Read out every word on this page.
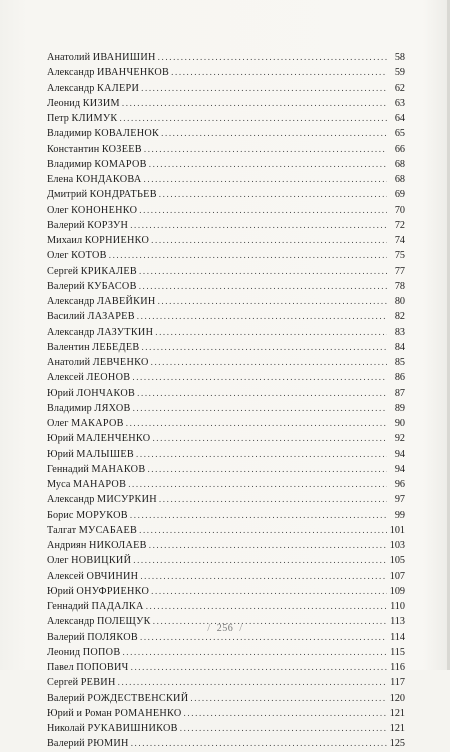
Анатолий ИВАНИШИН .....	58
Александр ИВАНЧЕНКОВ .....	59
Александр КАЛЕРИ .....	62
Леонид КИЗИМ .....	63
Петр КЛИМУК .....	64
Владимир КОВАЛЕНОК .....	65
Константин КОЗЕЕВ .....	66
Владимир КОМАРОВ .....	68
Елена КОНДАКОВА .....	68
Дмитрий КОНДРАТЬЕВ .....	69
Олег КОНОНЕНКО .....	70
Валерий КОРЗУН .....	72
Михаил КОРНИЕНКО .....	74
Олег КОТОВ .....	75
Сергей КРИКАЛЕВ .....	77
Валерий КУБАСОВ .....	78
Александр ЛАВЕЙКИН .....	80
Василий ЛАЗАРЕВ .....	82
Александр ЛАЗУТКИН .....	83
Валентин ЛЕБЕДЕВ .....	84
Анатолий ЛЕВЧЕНКО .....	85
Алексей ЛЕОНОВ .....	86
Юрий ЛОНЧАКОВ .....	87
Владимир ЛЯХОВ .....	89
Олег МАКАРОВ .....	90
Юрий МАЛЕНЧЕНКО .....	92
Юрий МАЛЫШЕВ .....	94
Геннадий МАНАКОВ .....	94
Муса МАНАРОВ .....	96
Александр МИСУРКИН .....	97
Борис МОРУКОВ .....	99
Талгат МУСАБАЕВ .....	101
Андриян НИКОЛАЕВ .....	103
Олег НОВИЦКИЙ .....	105
Алексей ОВЧИНИН .....	107
Юрий ОНУФРИЕНКО .....	109
Геннадий ПАДАЛКА .....	110
Александр ПОЛЕЩУК .....	113
Валерий ПОЛЯКОВ .....	114
Леонид ПОПОВ .....	115
Павел ПОПОВИЧ .....	116
Сергей РЕВИН .....	117
Валерий РОЖДЕСТВЕНСКИЙ .....	120
Юрий и Роман РОМАНЕНКО .....	121
Николай РУКАВИШНИКОВ .....	121
Валерий РЮМИН .....	125
/ 256 /
